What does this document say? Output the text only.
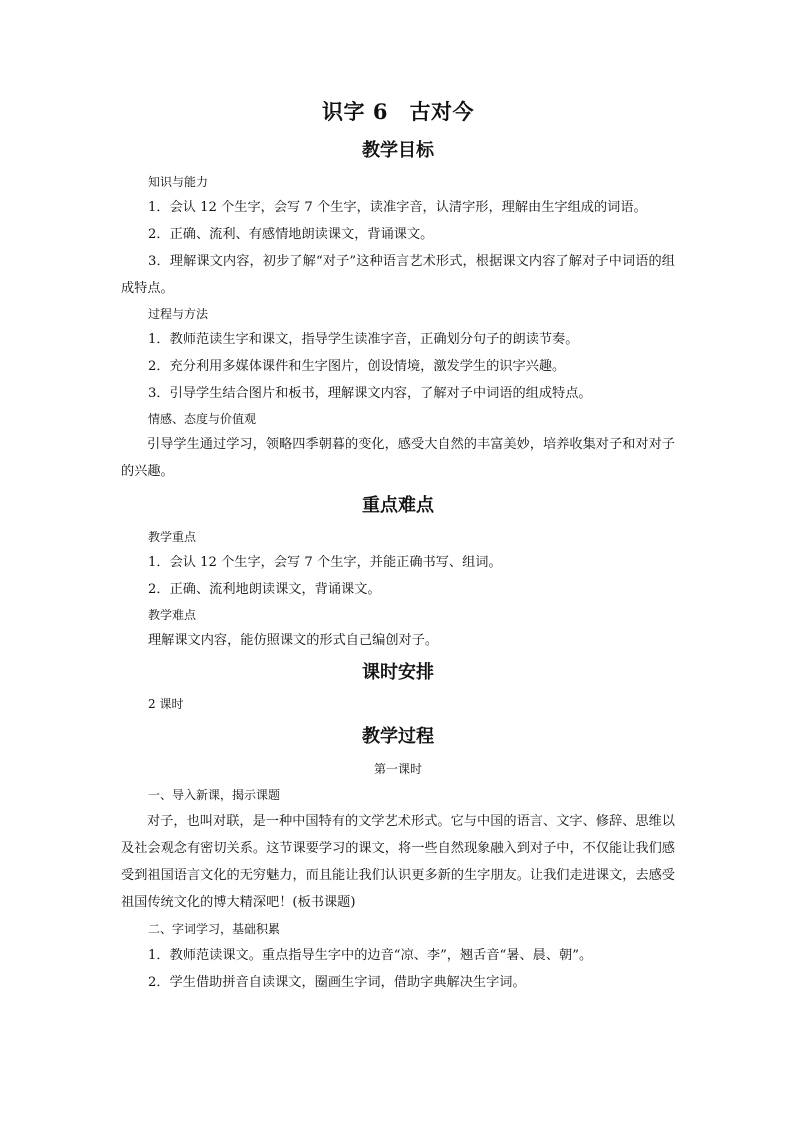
识字 6　古对今
教学目标
知识与能力
1．会认 12 个生字，会写 7 个生字，读准字音，认清字形，理解由生字组成的词语。
2．正确、流利、有感情地朗读课文，背诵课文。

3．理解课文内容，初步了解“对子”这种语言艺术形式，根据课文内容了解对子中词语的组成特点。

过程与方法
1．教师范读生字和课文，指导学生读准字音，正确划分句子的朗读节奏。
2．充分利用多媒体课件和生字图片，创设情境，激发学生的识字兴趣。
3．引导学生结合图片和板书，理解课文内容，了解对子中词语的组成特点。
情感、态度与价值观

引导学生通过学习，领略四季朝暮的变化，感受大自然的丰富美妙，培养收集对子和对对子的兴趣。

重点难点
教学重点
1．会认 12 个生字，会写 7 个生字，并能正确书写、组词。
2．正确、流利地朗读课文，背诵课文。
教学难点
理解课文内容，能仿照课文的形式自己编创对子。
课时安排
2 课时
教学过程
第一课时
一、导入新课，揭示课题

对子，也叫对联，是一种中国特有的文学艺术形式。它与中国的语言、文字、修辞、思维以及社会观念有密切关系。这节课要学习的课文，将一些自然现象融入到对子中，不仅能让我们感受到祖国语言文化的无穷魅力，而且能让我们认识更多新的生字朋友。让我们走进课文，去感受祖国传统文化的博大精深吧！(板书课题)

二、字词学习，基础积累
1．教师范读课文。重点指导生字中的边音“凉、李”，翘舌音“暑、晨、朝”。
2．学生借助拼音自读课文，圈画生字词，借助字典解决生字词。
